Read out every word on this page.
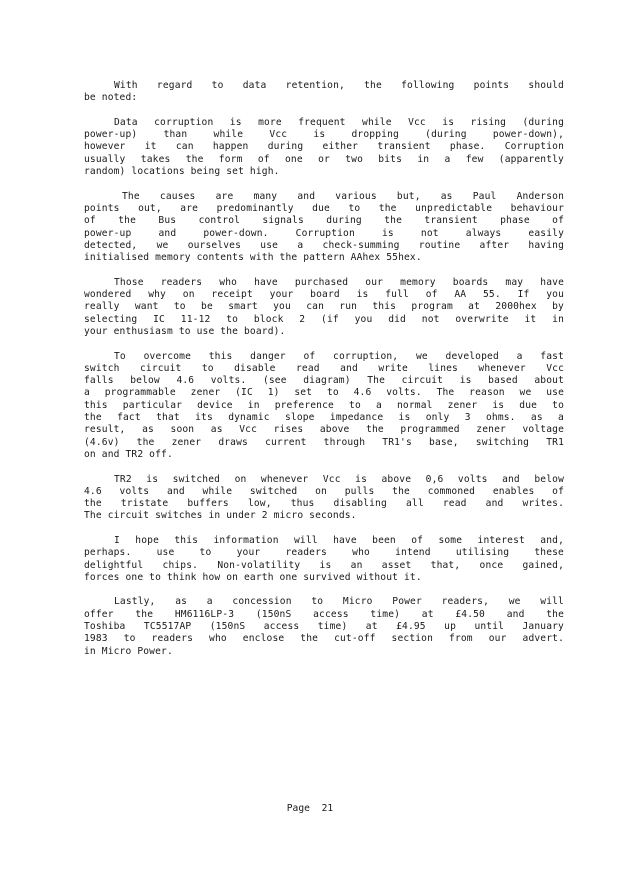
With regard to data retention, the following points should
be noted:
Data corruption is more frequent while Vcc is rising (during
power-up) than while Vcc is dropping (during power-down),
however it can happen during either transient phase. Corruption
usually takes the form of one or two bits in a few (apparently
random) locations being set high.
The causes are many and various but, as Paul Anderson
points out, are predominantly due to the unpredictable behaviour
of the Bus control signals during the transient phase of
power-up and power-down. Corruption is not always easily
detected, we ourselves use a check-summing routine after having
initialised memory contents with the pattern AAhex 55hex.
Those readers who have purchased our memory boards may have
wondered why on receipt your board is full of AA 55. If you
really want to be smart you can run this program at 2000hex by
selecting IC 11-12 to block 2 (if you did not overwrite it in
your enthusiasm to use the board).
To overcome this danger of corruption, we developed a fast
switch circuit to disable read and write lines whenever Vcc
falls below 4.6 volts. (see diagram) The circuit is based about
a programmable zener (IC 1) set to 4.6 volts. The reason we use
this particular device in preference to a normal zener is due to
the fact that its dynamic slope impedance is only 3 ohms. as a
result, as soon as Vcc rises above the programmed zener voltage
(4.6v) the zener draws current through TR1's base, switching TR1
on and TR2 off.
TR2 is switched on whenever Vcc is above 0,6 volts and below
4.6 volts and while switched on pulls the commoned enables of
the tristate buffers low, thus disabling all read and writes.
The circuit switches in under 2 micro seconds.
I hope this information will have been of some interest and,
perhaps. use to your readers who intend utilising these
delightful chips. Non-volatility is an asset that, once gained,
forces one to think how on earth one survived without it.
Lastly, as a concession to Micro Power readers, we will
offer the HM6116LP-3 (150nS access time) at £4.50 and the
Toshiba TC5517AP (150nS access time) at £4.95 up until January
1983 to readers who enclose the cut-off section from our advert.
in Micro Power.
Page 21
